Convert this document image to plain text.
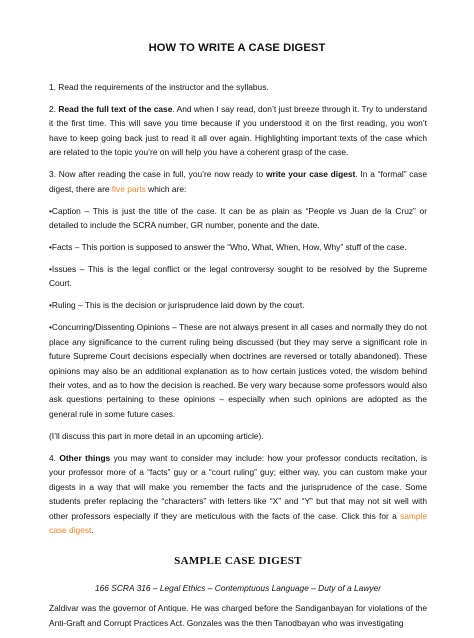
HOW TO WRITE A CASE DIGEST

1. Read the requirements of the instructor and the syllabus.

2. Read the full text of the case. And when I say read, don’t just breeze through it. Try to understand it the first time. This will save you time because if you understood it on the first reading, you won’t have to keep going back just to read it all over again. Highlighting important texts of the case which are related to the topic you’re on will help you have a coherent grasp of the case.

3. Now after reading the case in full, you’re now ready to write your case digest. In a “formal” case digest, there are five parts which are:

•Caption – This is just the title of the case. It can be as plain as “People vs Juan de la Cruz” or detailed to include the SCRA number, GR number, ponente and the date.

•Facts – This portion is supposed to answer the “Who, What, When, How, Why” stuff of the case.

•Issues – This is the legal conflict or the legal controversy sought to be resolved by the Supreme Court.

•Ruling – This is the decision or jurisprudence laid down by the court.

•Concurring/Dissenting Opinions – These are not always present in all cases and normally they do not place any significance to the current ruling being discussed (but they may serve a significant role in future Supreme Court decisions especially when doctrines are reversed or totally abandoned). These opinions may also be an additional explanation as to how certain justices voted, the wisdom behind their votes, and as to how the decision is reached. Be very wary because some professors would also ask questions pertaining to these opinions – especially when such opinions are adopted as the general rule in some future cases.

(I’ll discuss this part in more detail in an upcoming article).

4. Other things you may want to consider may include: how your professor conducts recitation, is your professor more of a “facts” guy or a “court ruling” guy; either way, you can custom make your digests in a way that will make you remember the facts and the jurisprudence of the case. Some students prefer replacing the “characters” with letters like “X” and “Y” but that may not sit well with other professors especially if they are meticulous with the facts of the case. Click this for a sample case digest.

SAMPLE CASE DIGEST

166 SCRA 316 – Legal Ethics – Contemptuous Language – Duty of a Lawyer

Zaldivar was the governor of Antique. He was charged before the Sandiganbayan for violations of the Anti-Graft and Corrupt Practices Act. Gonzales was the then Tanodbayan who was investigating
